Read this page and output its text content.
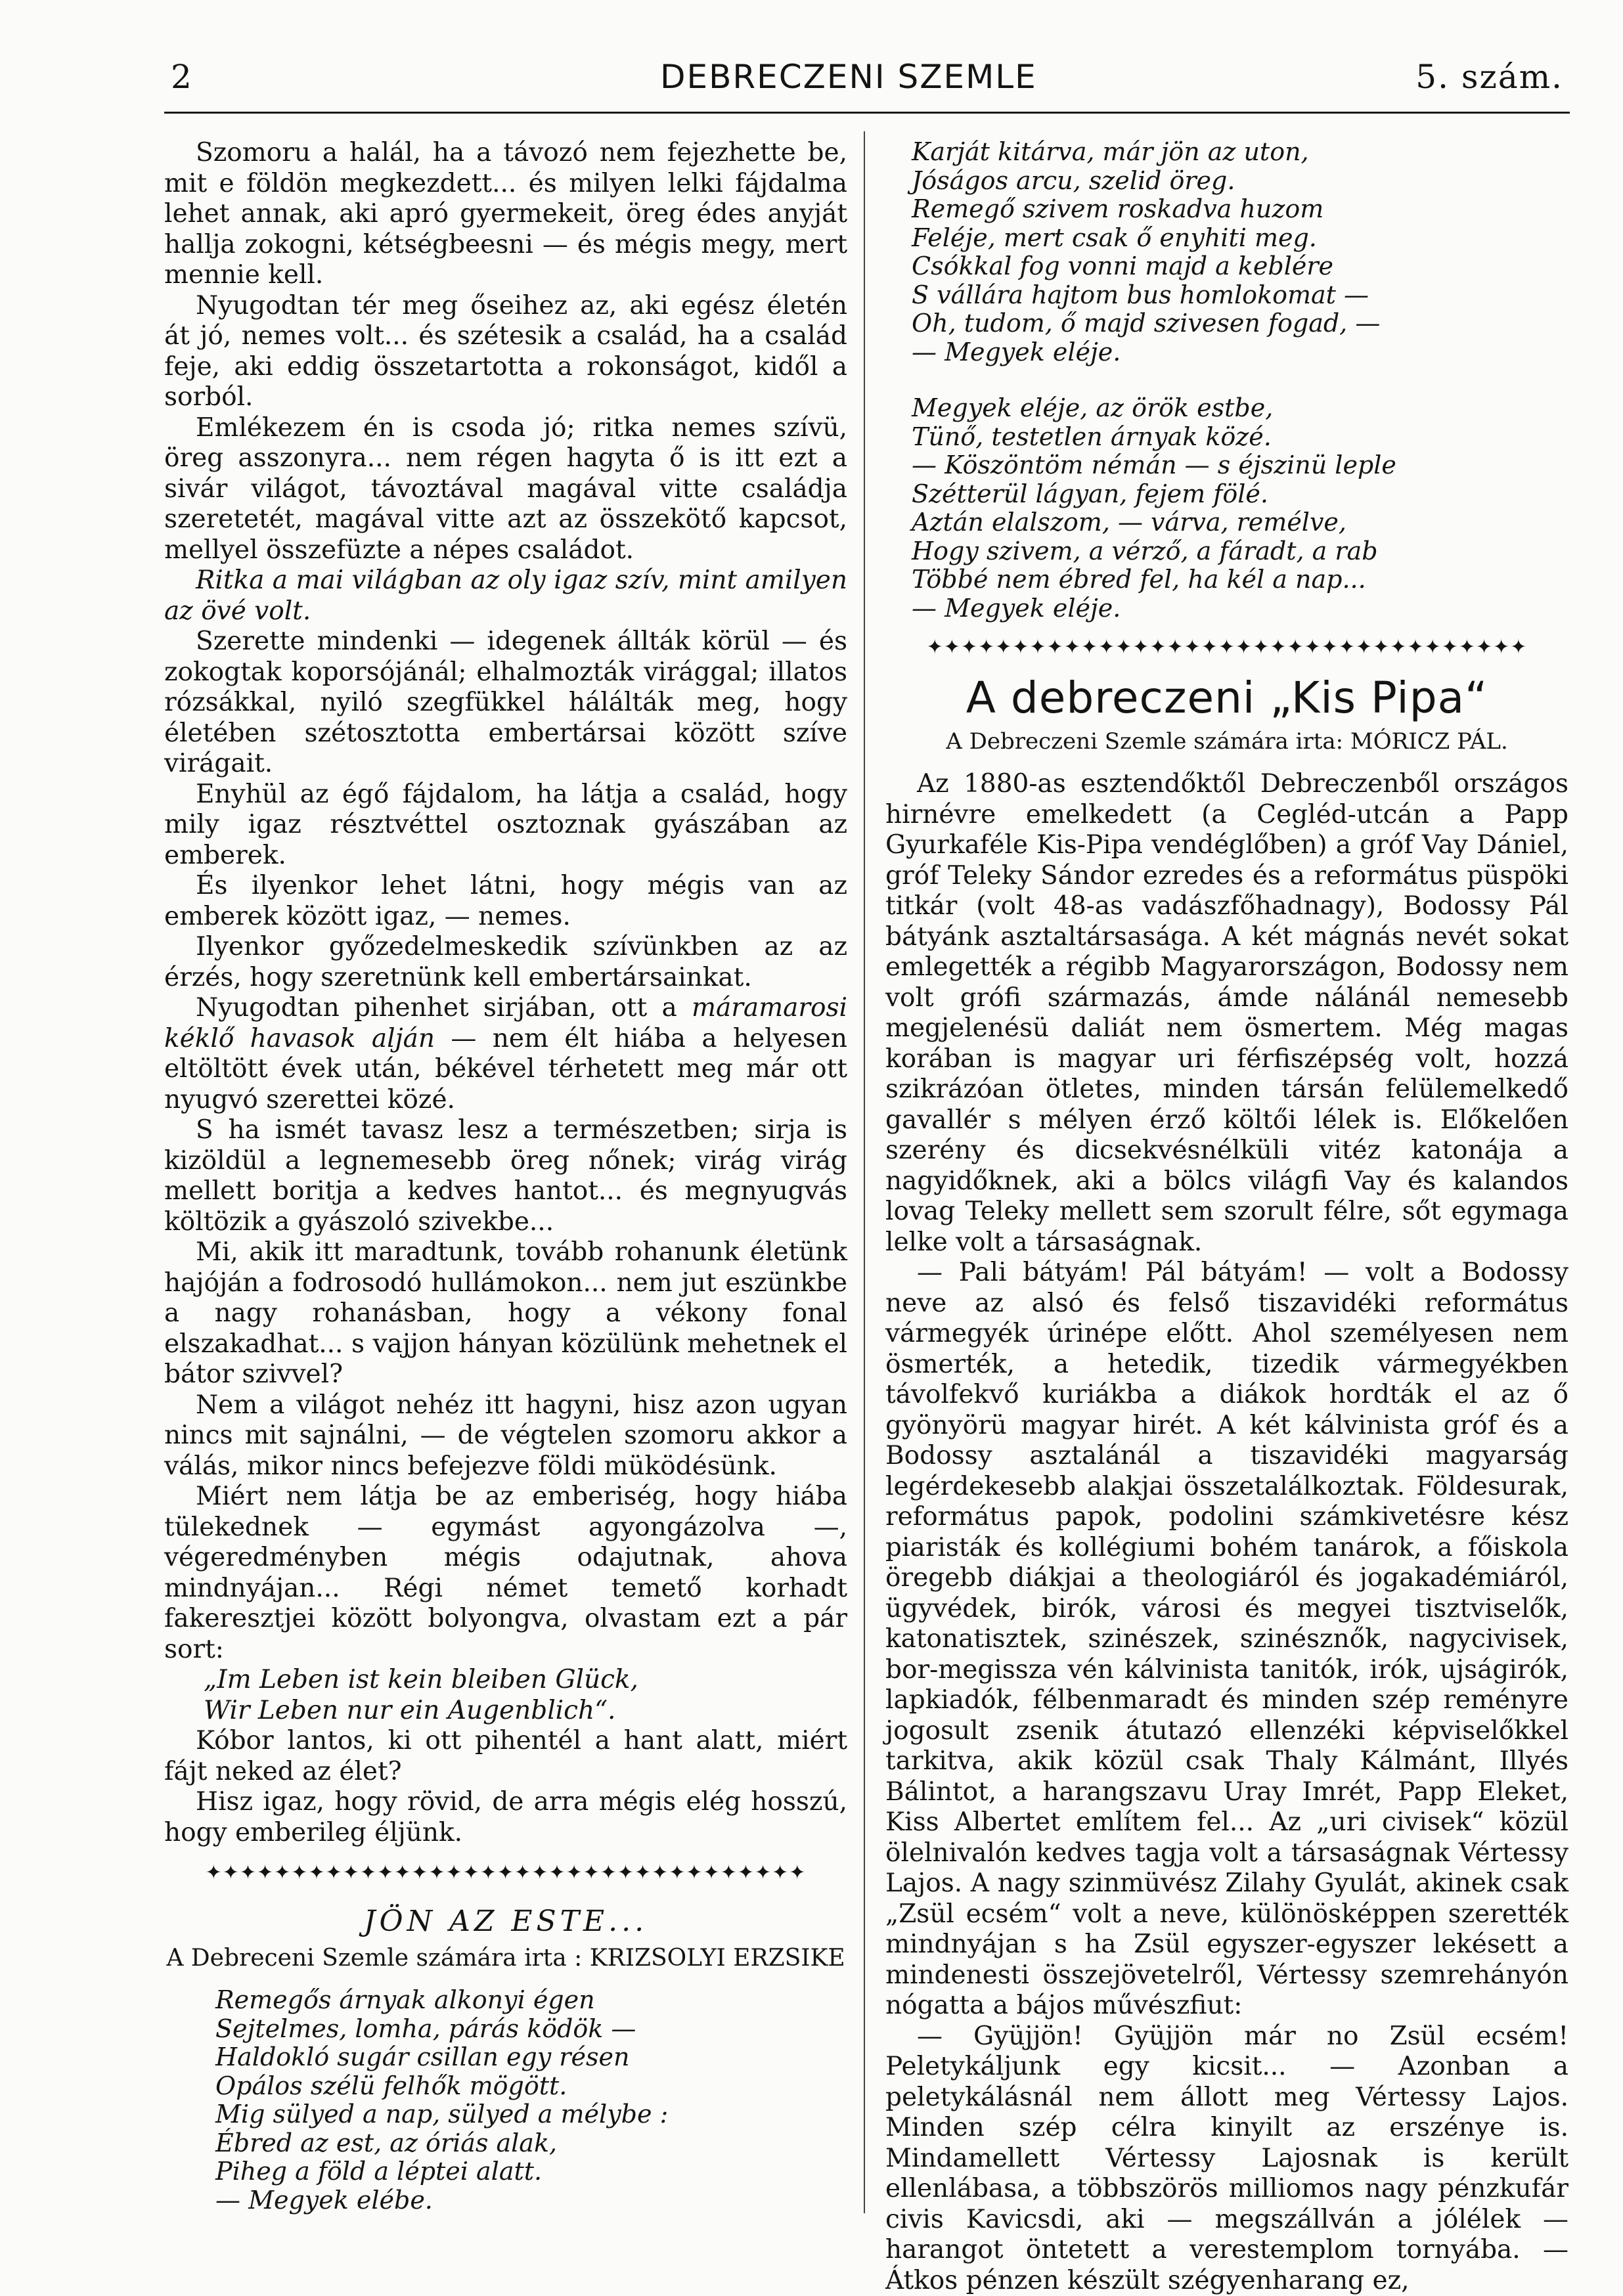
2	DEBRECZENI SZEMLE	5. szám.

Szomoru a halál, ha a távozó nem fejezhette be, mit e földön megkezdett... és milyen lelki fájdalma lehet annak, aki apró gyermekeit, öreg édes anyját hallja zokogni, kétségbeesni — és mégis megy, mert mennie kell.

Nyugodtan tér meg őseihez az, aki egész életén át jó, nemes volt... és szétesik a család, ha a család feje, aki eddig összetartotta a rokonságot, kidől a sorból.

Emlékezem én is csoda jó; ritka nemes szívü, öreg asszonyra... nem régen hagyta ő is itt ezt a sivár világot, távoztával magával vitte családja szeretetét, magával vitte azt az összekötő kapcsot, mellyel összefüzte a népes családot.

Ritka a mai világban az oly igaz szív, mint amilyen az övé volt.

Szerette mindenki — idegenek állták körül — és zokogtak koporsójánál; elhalmozták virággal; illatos rózsákkal, nyiló szegfükkel hálálták meg, hogy életében szétosztotta embertársai között szíve virágait.

Enyhül az égő fájdalom, ha látja a család, hogy mily igaz résztvéttel osztoznak gyászában az emberek.

És ilyenkor lehet látni, hogy mégis van az emberek között igaz, — nemes.

Ilyenkor győzedelmeskedik szívünkben az az érzés, hogy szeretnünk kell embertársainkat.

Nyugodtan pihenhet sirjában, ott a máramarosi kéklő havasok alján — nem élt hiába a helyesen eltöltött évek után, békével térhetett meg már ott nyugvó szerettei közé.

S ha ismét tavasz lesz a természetben; sirja is kizöldül a legnemesebb öreg nőnek; virág virág mellett boritja a kedves hantot... és megnyugvás költözik a gyászoló szivekbe...

Mi, akik itt maradtunk, tovább rohanunk életünk hajóján a fodrosodó hullámokon... nem jut eszünkbe a nagy rohanásban, hogy a vékony fonal elszakadhat... s vajjon hányan közülünk mehetnek el bátor szivvel?

Nem a világot nehéz itt hagyni, hisz azon ugyan nincs mit sajnálni, — de végtelen szomoru akkor a válás, mikor nincs befejezve földi müködésünk.

Miért nem látja be az emberiség, hogy hiába tülekednek — egymást agyongázolva —, végeredményben mégis odajutnak, ahova mindnyájan... Régi német temető korhadt fakeresztjei között bolyongva, olvastam ezt a pár sort:

„Im Leben ist kein bleiben Glück,

Wir Leben nur ein Augenblich“.

Kóbor lantos, ki ott pihentél a hant alatt, miért fájt neked az élet?

Hisz igaz, hogy rövid, de arra mégis elég hosszú, hogy emberileg éljünk.

✦✦✦✦✦✦✦✦✦✦✦✦✦✦✦✦✦✦✦✦✦✦✦✦✦✦✦✦✦✦✦✦✦✦✦
JÖN AZ ESTE...
A Debreceni Szemle számára irta : KRIZSOLYI ERZSIKE
Remegős árnyak alkonyi égen
Sejtelmes, lomha, párás ködök —
Haldokló sugár csillan egy résen
Opálos szélü felhők mögött.
Mig sülyed a nap, sülyed a mélybe :
Ébred az est, az óriás alak,
Piheg a föld a léptei alatt.
— Megyek elébe.
Karját kitárva, már jön az uton,
Jóságos arcu, szelid öreg.
Remegő szivem roskadva huzom
Feléje, mert csak ő enyhiti meg.
Csókkal fog vonni majd a keblére
S vállára hajtom bus homlokomat —
Oh, tudom, ő majd szivesen fogad, —
— Megyek eléje.
Megyek eléje, az örök estbe,
Tünő, testetlen árnyak közé.
— Köszöntöm némán — s éjszinü leple
Szétterül lágyan, fejem fölé.
Aztán elalszom, — várva, remélve,
Hogy szivem, a vérző, a fáradt, a rab
Többé nem ébred fel, ha kél a nap...
— Megyek eléje.
✦✦✦✦✦✦✦✦✦✦✦✦✦✦✦✦✦✦✦✦✦✦✦✦✦✦✦✦✦✦✦✦✦✦✦
A debreczeni „Kis Pipa“
A Debreczeni Szemle számára irta: MÓRICZ PÁL.

Az 1880-as esztendőktől Debreczenből országos hirnévre emelkedett (a Cegléd-utcán a Papp Gyurkaféle Kis-Pipa vendéglőben) a gróf Vay Dániel, gróf Teleky Sándor ezredes és a református püspöki titkár (volt 48-as vadászfőhadnagy), Bodossy Pál bátyánk asztaltársasága. A két mágnás nevét sokat emlegették a régibb Magyarországon, Bodossy nem volt grófi származás, ámde nálánál nemesebb megjelenésü daliát nem ösmertem. Még magas korában is magyar uri férfiszépség volt, hozzá szikrázóan ötletes, minden társán felülemelkedő gavallér s mélyen érző költői lélek is. Előkelően szerény és dicsekvésnélküli vitéz katonája a nagyidőknek, aki a bölcs világfi Vay és kalandos lovag Teleky mellett sem szorult félre, sőt egymaga lelke volt a társaságnak.

— Pali bátyám! Pál bátyám! — volt a Bodossy neve az alsó és felső tiszavidéki református vármegyék úrinépe előtt. Ahol személyesen nem ösmerték, a hetedik, tizedik vármegyékben távolfekvő kuriákba a diákok hordták el az ő gyönyörü magyar hirét. A két kálvinista gróf és a Bodossy asztalánál a tiszavidéki magyarság legérdekesebb alakjai összetalálkoztak. Földesurak, református papok, podolini számkivetésre kész piaristák és kollégiumi bohém tanárok, a főiskola öregebb diákjai a theologiáról és jogakadémiáról, ügyvédek, birók, városi és megyei tisztviselők, katonatisztek, szinészek, szinésznők, nagycivisek, bor-megissza vén kálvinista tanitók, irók, ujságirók, lapkiadók, félbenmaradt és minden szép reményre jogosult zsenik átutazó ellenzéki képviselőkkel tarkitva, akik közül csak Thaly Kálmánt, Illyés Bálintot, a harangszavu Uray Imrét, Papp Eleket, Kiss Albertet említem fel... Az „uri civisek“ közül ölelnivalón kedves tagja volt a társaságnak Vértessy Lajos. A nagy szinmüvész Zilahy Gyulát, akinek csak „Zsül ecsém“ volt a neve, különösképpen szerették mindnyájan s ha Zsül egyszer-egyszer lekésett a mindenesti összejövetelről, Vértessy szemrehányón nógatta a bájos művészfiut:

— Gyüjjön! Gyüjjön már no Zsül ecsém! Peletykáljunk egy kicsit... — Azonban a peletykálásnál nem állott meg Vértessy Lajos. Minden szép célra kinyilt az erszénye is. Mindamellett Vértessy Lajosnak is került ellenlábasa, a többszörös milliomos nagy pénzkufár civis Kavicsdi, aki — megszállván a jólélek — harangot öntetett a verestemplom tornyába. — Átkos pénzen készült szégyenharang ez,
